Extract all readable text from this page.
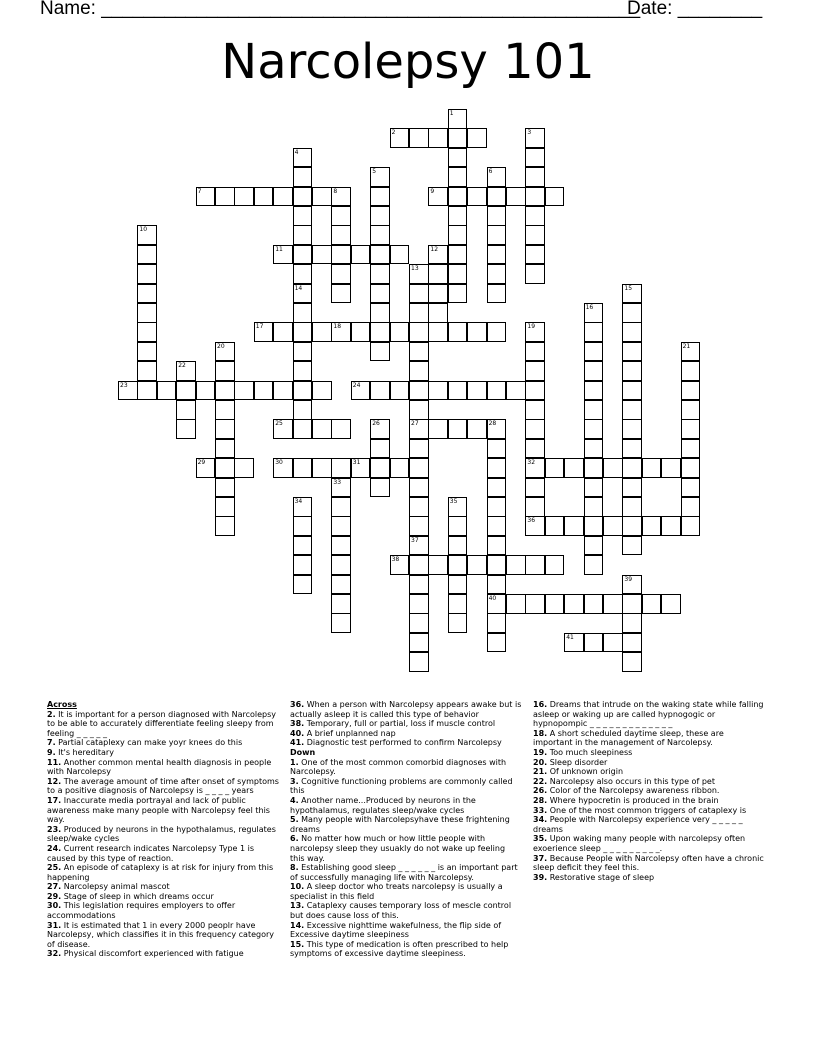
Name: ___________________________________________________
Date: ________
Narcolepsy 101
1
2	3
4
5	6
7	8	9
10
11	12
13
14	15
16
17	18	19
20	21
22
23	24
25	26	27	28
29	30	31	32
33
34	35
36
37
38
39
40
41

Across

2. It is important for a person diagnosed with Narcolepsy to be able to accurately differentiate feeling sleepy from feeling _ _ _ _ _

7. Partial cataplexy can make yoyr knees do this

9. It's hereditary

11. Another common mental health diagnosis in people with Narcolepsy

12. The average amount of time after onset of symptoms to a positive diagnosis of Narcolepsy is _ _ _ _ years

17. Inaccurate media portrayal and lack of public awareness make many people with Narcolepsy feel this way.

23. Produced by neurons in the hypothalamus, regulates sleep/wake cycles

24. Current research indicates Narcolepsy Type 1 is caused by this type of reaction.

25. An episode of cataplexy is at risk for injury from this happening

27. Narcolepsy animal mascot

29. Stage of sleep in which dreams occur

30. This legislation requires employers to offer accommodations

31. It is estimated that 1 in every 2000 peoplr have Narcolepsy, which classifies it in this frequency category of disease.

32. Physical discomfort experienced with fatigue

36. When a person with Narcolepsy appears awake but is actually asleep it is called this type of behavior

38. Temporary, full or partial, loss if muscle control

40. A brief unplanned nap

41. Diagnostic test performed to confirm Narcolepsy

Down

1. One of the most common comorbid diagnoses with Narcolepsy.

3. Cognitive functioning problems are commonly called this

4. Another name...Produced by neurons in the hypothalamus, regulates sleep/wake cycles

5. Many people with Narcolepsyhave these frightening dreams

6. No matter how much or how little people with narcolepsy sleep they usuakly do not wake up feeling this way.

8. Establishing good sleep _ _ _ _ _ _ is an important part of successfully managing life with Narcolepsy.

10. A sleep doctor who treats narcolepsy is usually a specialist in this field

13. Cataplexy causes temporary loss of mescle control but does cause loss of this.

14. Excessive nighttime wakefulness, the flip side of Excessive daytime sleepiness

15. This type of medication is often prescribed to help symptoms of excessive daytime sleepiness.

16. Dreams that intrude on the waking state while falling asleep or waking up are called hypnogogic or hypnopompic _ _ _ _ _ _ _ _ _ _ _ _ _

18. A short scheduled daytime sleep, these are important in the management of Narcolepsy.

19. Too much sleepiness

20. Sleep disorder

21. Of unknown origin

22. Narcolepsy also occurs in this type of pet

26. Color of the Narcolepsy awareness ribbon.

28. Where hypocretin is produced in the brain

33. One of the most common triggers of cataplexy is

34. People with Narcolepsy experience very _ _ _ _ _ dreams

35. Upon waking many people with narcolepsy often exoerience sleep _ _ _ _ _ _ _ _ _.

37. Because People with Narcolepsy often have a chronic sleep deficit they feel this.

39. Restorative stage of sleep
